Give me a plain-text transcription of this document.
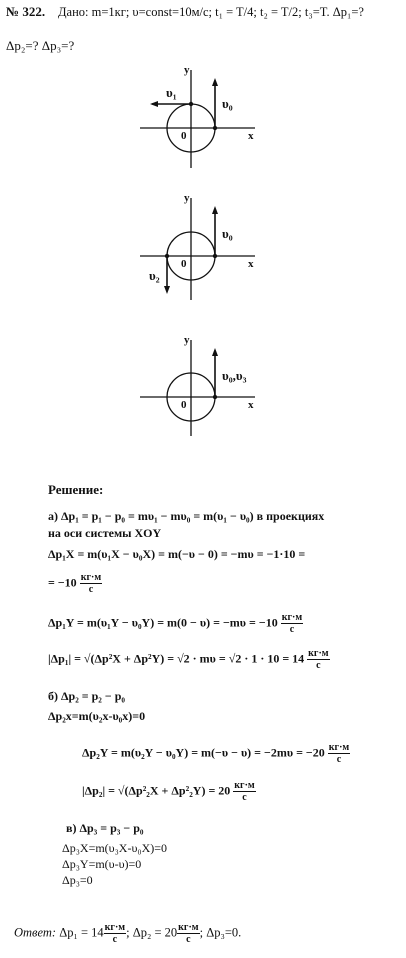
№ 322. Дано: m=1кг; υ=const=10м/с; t₁ = T/4; t₂ = T/2; t₃=T. Δp₁=?
Δp₂=? Δp₃=?
υ₁
υ₀
y
x
0
υ₂
υ₀
y
x
0
υ₀,υ₃
y
x
0
Решение:
а) Δp₁ = p₁ − p₀ = mυ₁ − mυ₀ = m(υ₁ − υ₀) в проекциях
на оси системы XOY
Δp₁X = m(υ₁X − υ₀X) = m(−υ − 0) = −mυ = −1·10 =
= $-10 \frac{кг\cdot м}{с}$
$\Delta p_1Y = m(\upsilon_1Y - \upsilon_0Y) = m(0 - \upsilon) = -m\upsilon = -10 \frac{кг\cdot м}{с}$
$|\Delta p_1| = √(\Delta p^2X + \Delta p^2Y) = √2 \cdot m\upsilon = √2 \cdot 1 \cdot 10 = 14 \frac{кг\cdot м}{с}$
б) Δp₂ = p₂ − p₀
Δp₂x=m(υ₂x-υ₀x)=0
$\Delta p_2Y = m(\upsilon_2Y - \upsilon_0Y) = m(-\upsilon - \upsilon) = -2m\upsilon = -20 \frac{кг\cdot м}{с}$
$|\Delta p_2| = √(\Delta p^2_2X + \Delta p^2_2Y) = 20 \frac{кг\cdot м}{с}$
в) Δp₃ = p₃ − p₀
Δp₃X=m(υ₃X-υ₀X)=0
Δp₃Y=m(υ-υ)=0
Δp₃=0
Ответ: $\Delta p_1 = 14 \frac{кг\cdot м}{с}$ ; $\Delta p_2 = 20 \frac{кг\cdot м}{с}$ ; Δp₃=0.
